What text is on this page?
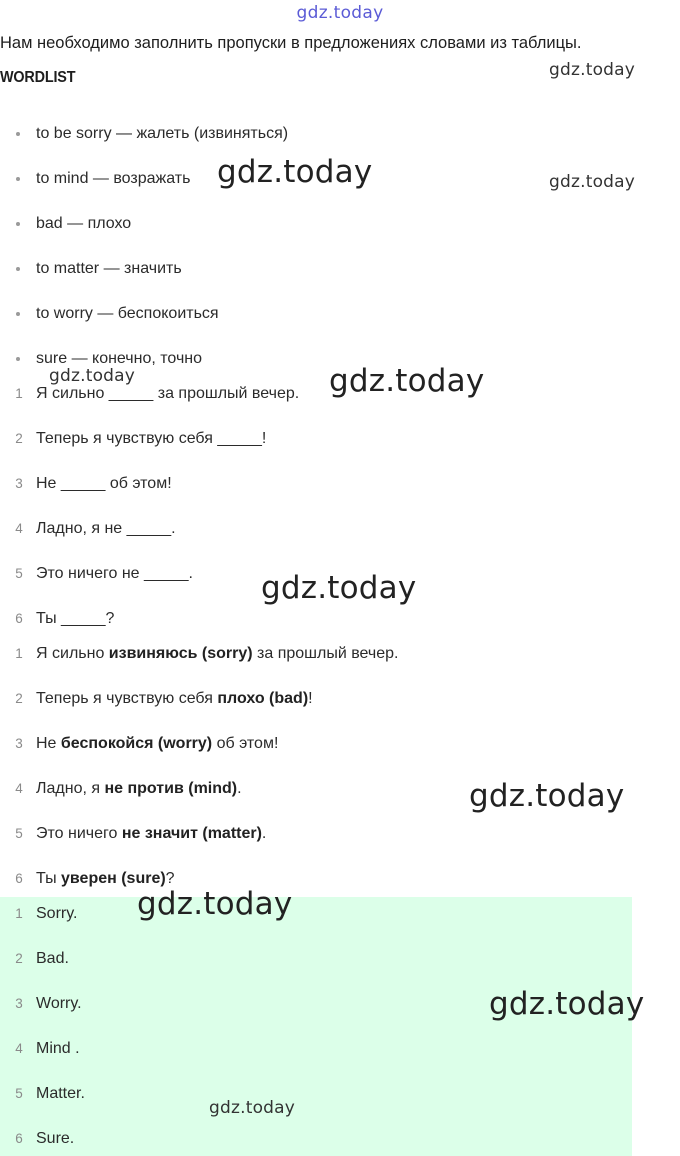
gdz.today
Нам необходимо заполнить пропуски в предложениях словами из таблицы.
WORDLIST
to be sorry — жалеть (извиняться)
to mind — возражать
bad — плохо
to matter — значить
to worry — беспокоиться
sure — конечно, точно
1 Я сильно _____ за прошлый вечер.
2 Теперь я чувствую себя _____!
3 Не _____ об этом!
4 Ладно, я не _____.
5 Это ничего не _____.
6 Ты _____?
1 Я сильно извиняюсь (sorry) за прошлый вечер.
2 Теперь я чувствую себя плохо (bad)!
3 Не беспокойся (worry) об этом!
4 Ладно, я не против (mind).
5 Это ничего не значит (matter).
6 Ты уверен (sure)?
1 Sorry.
2 Bad.
3 Worry.
4 Mind .
5 Matter.
6 Sure.
gdz.today
gdz.today	gdz.today
gdz.today	gdz.today
gdz.today
gdz.today
gdz.today
gdz.today
gdz.today
